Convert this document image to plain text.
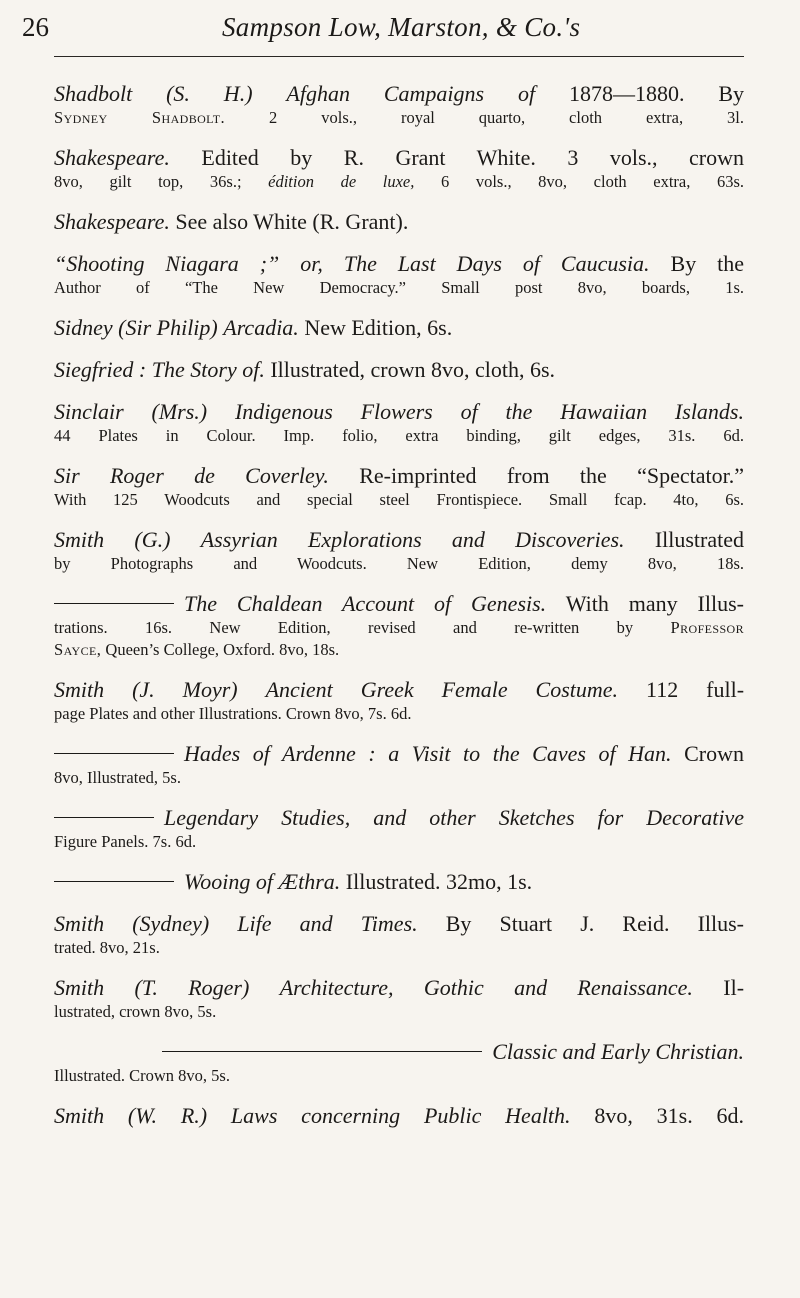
26	Sampson Low, Marston, & Co.'s
Shadbolt (S. H.) Afghan Campaigns of 1878—1880. By
Sydney Shadbolt.	2 vols., royal quarto, cloth extra, 3l.
Shakespeare. Edited by R. Grant White. 3 vols., crown
8vo, gilt top, 36s.; édition de luxe, 6 vols., 8vo, cloth extra, 63s.
Shakespeare. See also White (R. Grant).
“Shooting Niagara ;” or, The Last Days of Caucusia. By the
Author of “The New Democracy.” Small post 8vo, boards, 1s.
Sidney (Sir Philip) Arcadia. New Edition, 6s.
Siegfried : The Story of. Illustrated, crown 8vo, cloth, 6s.
Sinclair (Mrs.) Indigenous Flowers of the Hawaiian Islands.
44 Plates in Colour. Imp. folio, extra binding, gilt edges, 31s. 6d.
Sir Roger de Coverley. Re-imprinted from the “Spectator.”
With 125 Woodcuts and special steel Frontispiece. Small fcap. 4to, 6s.
Smith (G.) Assyrian Explorations and Discoveries. Illustrated
by Photographs and Woodcuts. New Edition, demy 8vo, 18s.
The Chaldean Account of Genesis. With many Illus-
trations. 16s. New Edition, revised and re-written by Professor
Sayce, Queen’s College, Oxford. 8vo, 18s.
Smith (J. Moyr) Ancient Greek Female Costume. 112 full-
page Plates and other Illustrations. Crown 8vo, 7s. 6d.
Hades of Ardenne : a Visit to the Caves of Han. Crown
8vo, Illustrated, 5s.
Legendary Studies, and other Sketches for Decorative
Figure Panels. 7s. 6d.
Wooing of Æthra. Illustrated. 32mo, 1s.
Smith (Sydney) Life and Times. By Stuart J. Reid. Illus-
trated. 8vo, 21s.
Smith (T. Roger) Architecture, Gothic and Renaissance. Il-
lustrated, crown 8vo, 5s.
Classic and Early Christian.
Illustrated. Crown 8vo, 5s.
Smith (W. R.) Laws concerning Public Health. 8vo, 31s. 6d.
